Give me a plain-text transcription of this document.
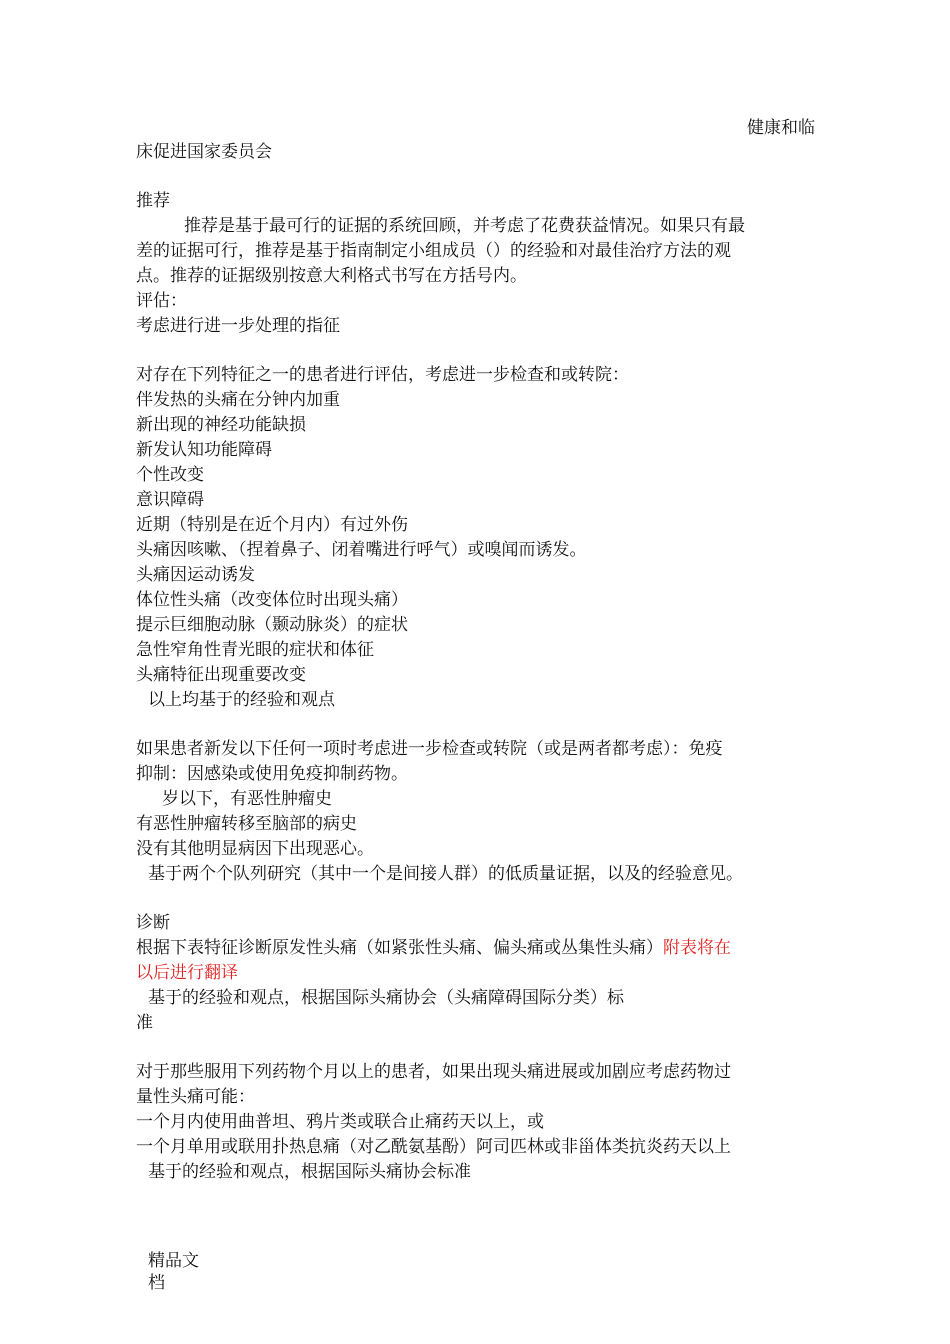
健康和临
床促进国家委员会
推荐
推荐是基于最可行的证据的系统回顾，并考虑了花费获益情况。如果只有最
差的证据可行，推荐是基于指南制定小组成员（）的经验和对最佳治疗方法的观
点。推荐的证据级别按意大利格式书写在方括号内。
评估：
考虑进行进一步处理的指征
对存在下列特征之一的患者进行评估，考虑进一步检查和或转院：
伴发热的头痛在分钟内加重
新出现的神经功能缺损
新发认知功能障碍
个性改变
意识障碍
近期（特别是在近个月内）有过外伤
头痛因咳嗽、（捏着鼻子、闭着嘴进行呼气）或嗅闻而诱发。
头痛因运动诱发
体位性头痛（改变体位时出现头痛）
提示巨细胞动脉（颞动脉炎）的症状
急性窄角性青光眼的症状和体征
头痛特征出现重要改变
以上均基于的经验和观点
如果患者新发以下任何一项时考虑进一步检查或转院（或是两者都考虑）：免疫
抑制：因感染或使用免疫抑制药物。
岁以下，有恶性肿瘤史
有恶性肿瘤转移至脑部的病史
没有其他明显病因下出现恶心。
基于两个个队列研究（其中一个是间接人群）的低质量证据，以及的经验意见。
诊断
根据下表特征诊断原发性头痛（如紧张性头痛、偏头痛或丛集性头痛）附表将在
以后进行翻译
基于的经验和观点，根据国际头痛协会（头痛障碍国际分类）标
准
对于那些服用下列药物个月以上的患者，如果出现头痛进展或加剧应考虑药物过
量性头痛可能：
一个月内使用曲普坦、鸦片类或联合止痛药天以上，或
一个月单用或联用扑热息痛（对乙酰氨基酚）阿司匹林或非甾体类抗炎药天以上
基于的经验和观点，根据国际头痛协会标准
精品文
档
